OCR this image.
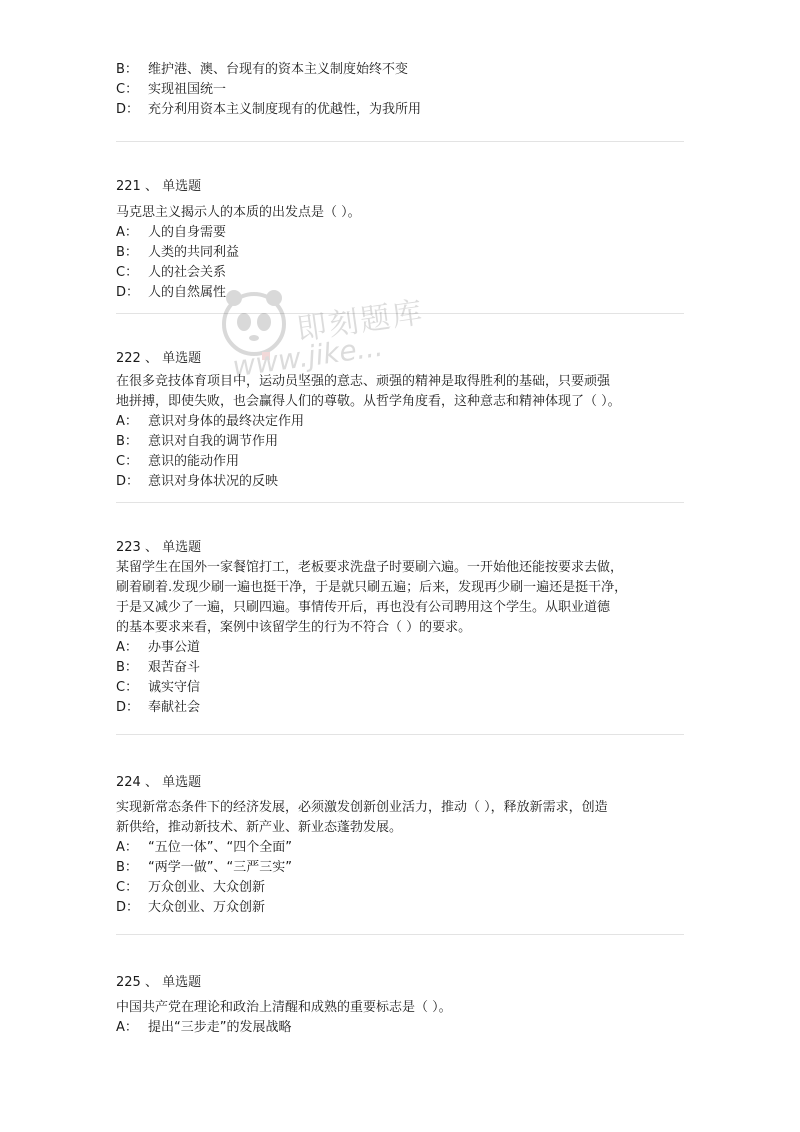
B： 维护港、澳、台现有的资本主义制度始终不变
C： 实现祖国统一
D： 充分利用资本主义制度现有的优越性，为我所用
221 、 单选题
马克思主义揭示人的本质的出发点是（ ）。
A： 人的自身需要
B： 人类的共同利益
C： 人的社会关系
D： 人的自然属性
222 、 单选题
在很多竞技体育项目中，运动员坚强的意志、顽强的精神是取得胜利的基础，只要顽强
地拼搏，即使失败，也会赢得人们的尊敬。从哲学角度看，这种意志和精神体现了（ ）。
A： 意识对身体的最终决定作用
B： 意识对自我的调节作用
C： 意识的能动作用
D： 意识对身体状况的反映
223 、 单选题
某留学生在国外一家餐馆打工，老板要求洗盘子时要刷六遍。一开始他还能按要求去做，
刷着刷着.发现少刷一遍也挺干净，于是就只刷五遍；后来，发现再少刷一遍还是挺干净，
于是又减少了一遍，只刷四遍。事情传开后，再也没有公司聘用这个学生。从职业道德
的基本要求来看，案例中该留学生的行为不符合（ ）的要求。
A： 办事公道
B： 艰苦奋斗
C： 诚实守信
D： 奉献社会
224 、 单选题
实现新常态条件下的经济发展，必须激发创新创业活力，推动（ ），释放新需求，创造
新供给，推动新技术、新产业、新业态蓬勃发展。
A： “五位一体”、“四个全面”
B： “两学一做”、“三严三实”
C： 万众创业、大众创新
D： 大众创业、万众创新
225 、 单选题
中国共产党在理论和政治上清醒和成熟的重要标志是（ ）。
A： 提出“三步走”的发展战略
即刻题库
www.jike...
